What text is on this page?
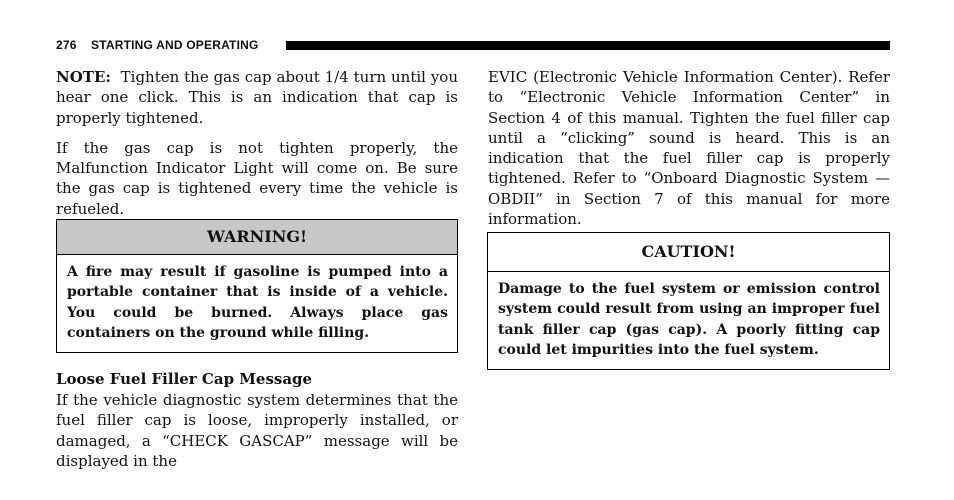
276 STARTING AND OPERATING

NOTE: Tighten the gas cap about 1/4 turn until you hear one click. This is an indication that cap is properly tightened.

If the gas cap is not tighten properly, the Malfunction Indicator Light will come on. Be sure the gas cap is tightened every time the vehicle is refueled.

WARNING!
A fire may result if gasoline is pumped into a portable container that is inside of a vehicle. You could be burned. Always place gas containers on the ground while filling.
Loose Fuel Filler Cap Message

If the vehicle diagnostic system determines that the fuel filler cap is loose, improperly installed, or damaged, a “CHECK GASCAP” message will be displayed in the

EVIC (Electronic Vehicle Information Center). Refer to “Electronic Vehicle Information Center” in Section 4 of this manual. Tighten the fuel filler cap until a “clicking” sound is heard. This is an indication that the fuel filler cap is properly tightened. Refer to “Onboard Diagnostic System — OBDII” in Section 7 of this manual for more information.

CAUTION!
Damage to the fuel system or emission control system could result from using an improper fuel tank filler cap (gas cap). A poorly fitting cap could let impurities into the fuel system.
